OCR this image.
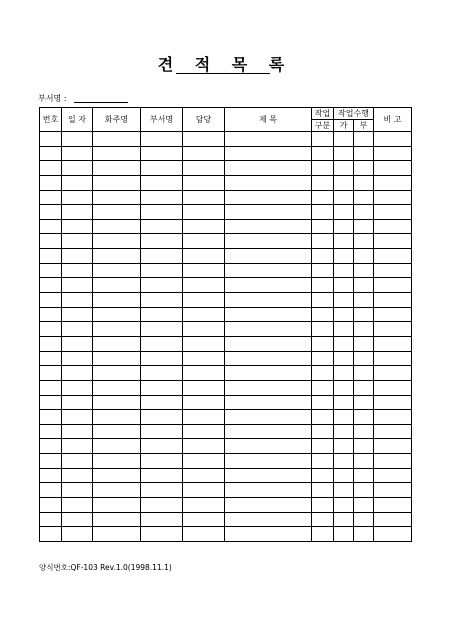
견 적 목 록
부서명 :
번호	일 자	화주명	부서명	담당	제 목	작업	작업수행		비 고
						구분	가	부	

양식번호:QF-103 Rev.1.0(1998.11.1)
